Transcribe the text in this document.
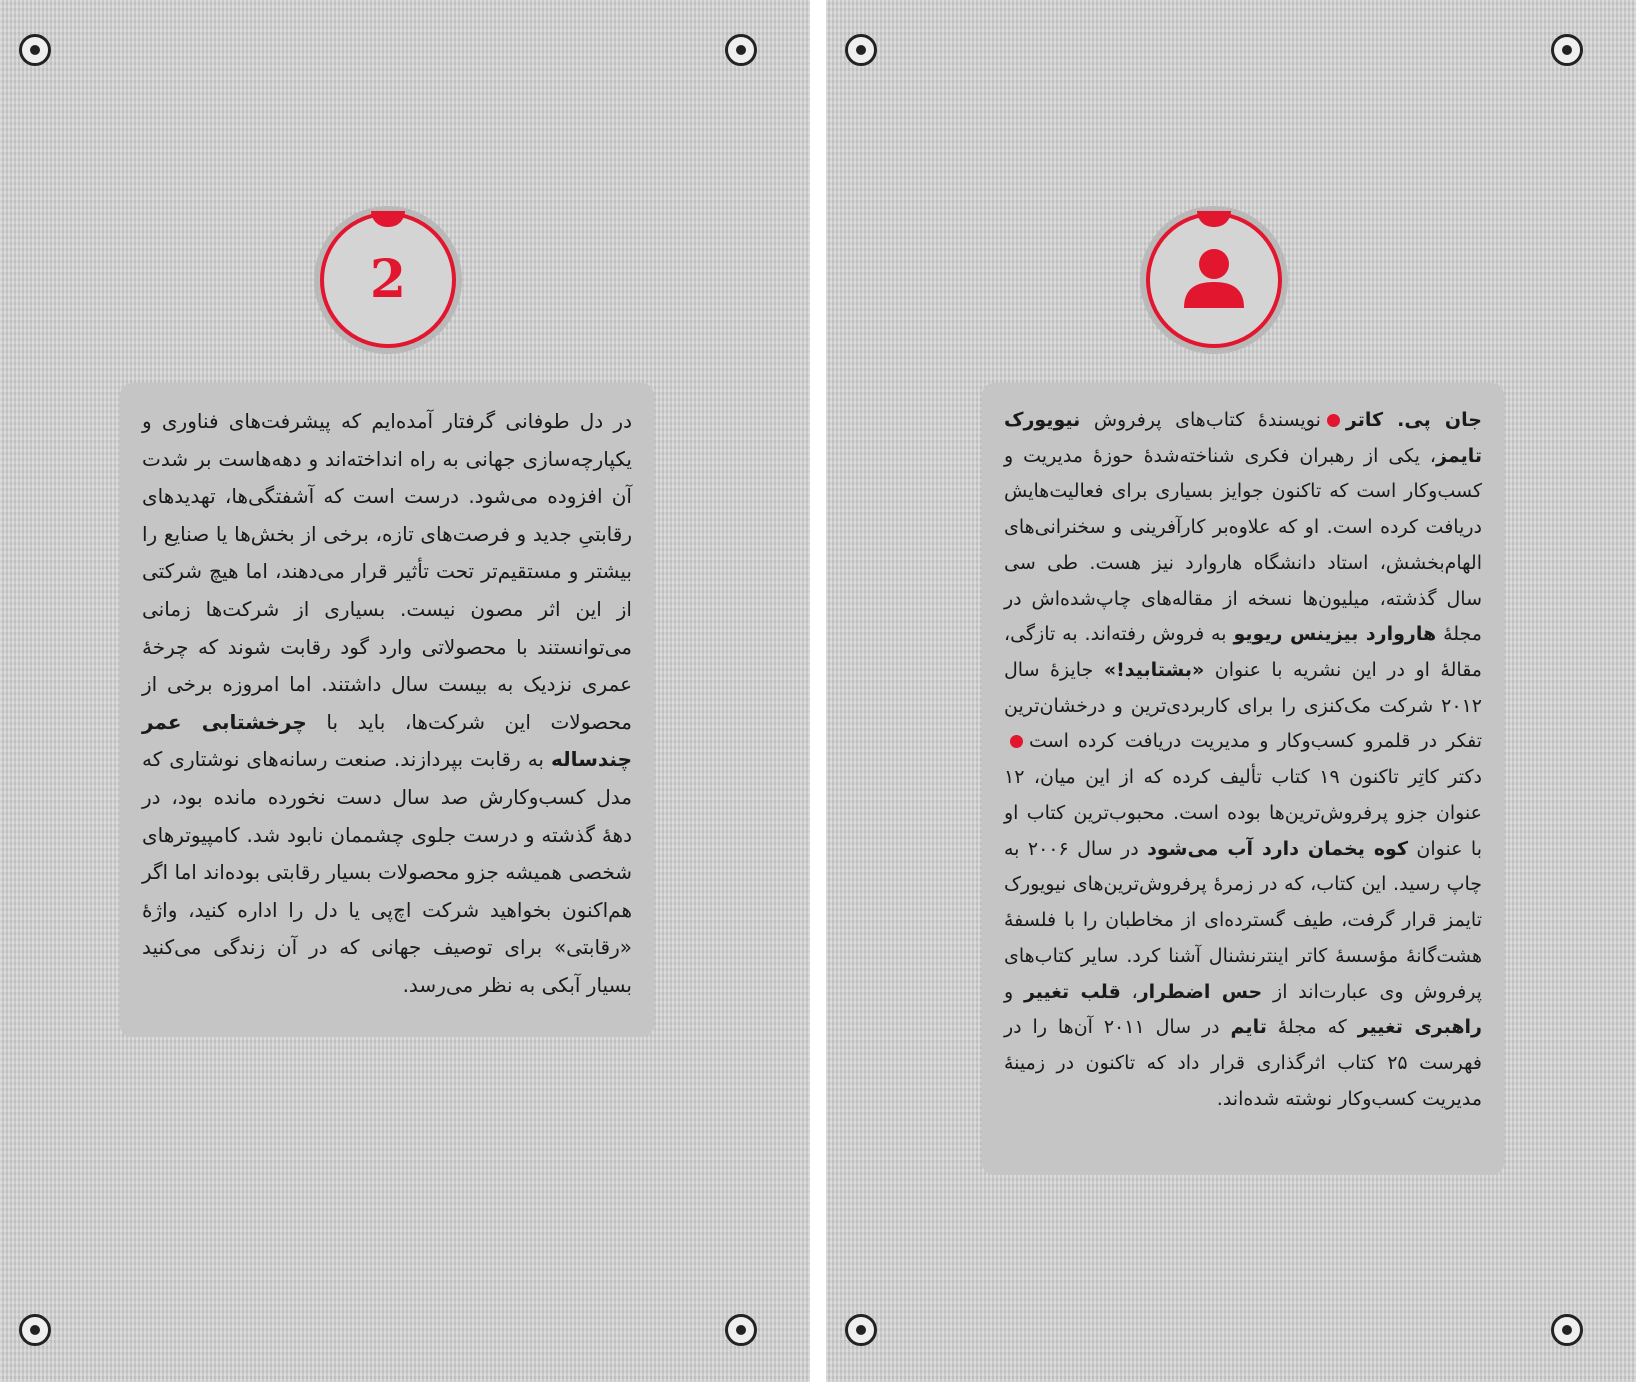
2

در دل طوفانی گرفتار آمده‌ایم که پیشرفت‌های فناوری و یکپارچه‌سازی جهانی به راه انداخته‌اند و دهه‌هاست بر شدت آن افزوده می‌شود. درست است که آشفتگی‌ها، تهدیدهای رقابتیِ جدید و فرصت‌های تازه، برخی از بخش‌ها یا صنایع را بیشتر و مستقیم‌تر تحت تأثیر قرار می‌دهند، اما هیچ شرکتی از این اثر مصون نیست. بسیاری از شرکت‌ها زمانی می‌توانستند با محصولاتی وارد گود رقابت شوند که چرخهٔ عمری نزدیک به بیست سال داشتند. اما امروزه برخی از محصولات این شرکت‌ها، باید با چرخشتابی عمر چندساله به رقابت بپردازند. صنعت رسانه‌های نوشتاری که مدل کسب‌وکارش صد سال دست نخورده مانده بود، در دههٔ گذشته و درست جلوی چشممان نابود شد. کامپیوترهای شخصی همیشه جزو محصولات بسیار رقابتی بوده‌اند اما اگر هم‌اکنون بخواهید شرکت اچ‌پی یا دل را اداره کنید، واژهٔ «رقابتی» برای توصیف جهانی که در آن زندگی می‌کنید بسیار آبکی به نظر می‌رسد.

جان پی. کاترنویسندهٔ کتاب‌های پرفروش نیویورک تایمز، یکی از رهبران فکری شناخته‌شدهٔ حوزهٔ مدیریت و کسب‌وکار است که تاکنون جوایز بسیاری برای فعالیت‌هایش دریافت کرده است. او که علاوه‌بر کارآفرینی و سخنرانی‌های الهام‌بخشش، استاد دانشگاه هاروارد نیز هست. طی سی سال گذشته، میلیون‌ها نسخه از مقاله‌های چاپ‌شده‌اش در مجلهٔ هاروارد بیزینس ریویو به فروش رفته‌اند. به تازگی، مقالهٔ او در این نشریه با عنوان «بشتابید!» جایزهٔ سال ۲۰۱۲ شرکت مک‌کنزی را برای کاربردی‌ترین و درخشان‌ترین تفکر در قلمرو کسب‌وکار و مدیریت دریافت کرده استدکتر کاتِر تاکنون ۱۹ کتاب تألیف کرده که از این میان، ۱۲ عنوان جزو پرفروش‌ترین‌ها بوده است. محبوب‌ترین کتاب او با عنوان کوه یخمان دارد آب می‌شود در سال ۲۰۰۶ به چاپ رسید. این کتاب، که در زمرهٔ پرفروش‌ترین‌های نیویورک تایمز قرار گرفت، طیف گسترده‌ای از مخاطبان را با فلسفهٔ هشت‌گانهٔ مؤسسهٔ کاتر اینترنشنال آشنا کرد. سایر کتاب‌های پرفروش وی عبارت‌اند از حس اضطرار، قلب تغییر و راهبری تغییر که مجلهٔ تایم در سال ۲۰۱۱ آن‌ها را در فهرست ۲۵ کتاب اثرگذاری قرار داد که تاکنون در زمینهٔ مدیریت کسب‌وکار نوشته شده‌اند.
